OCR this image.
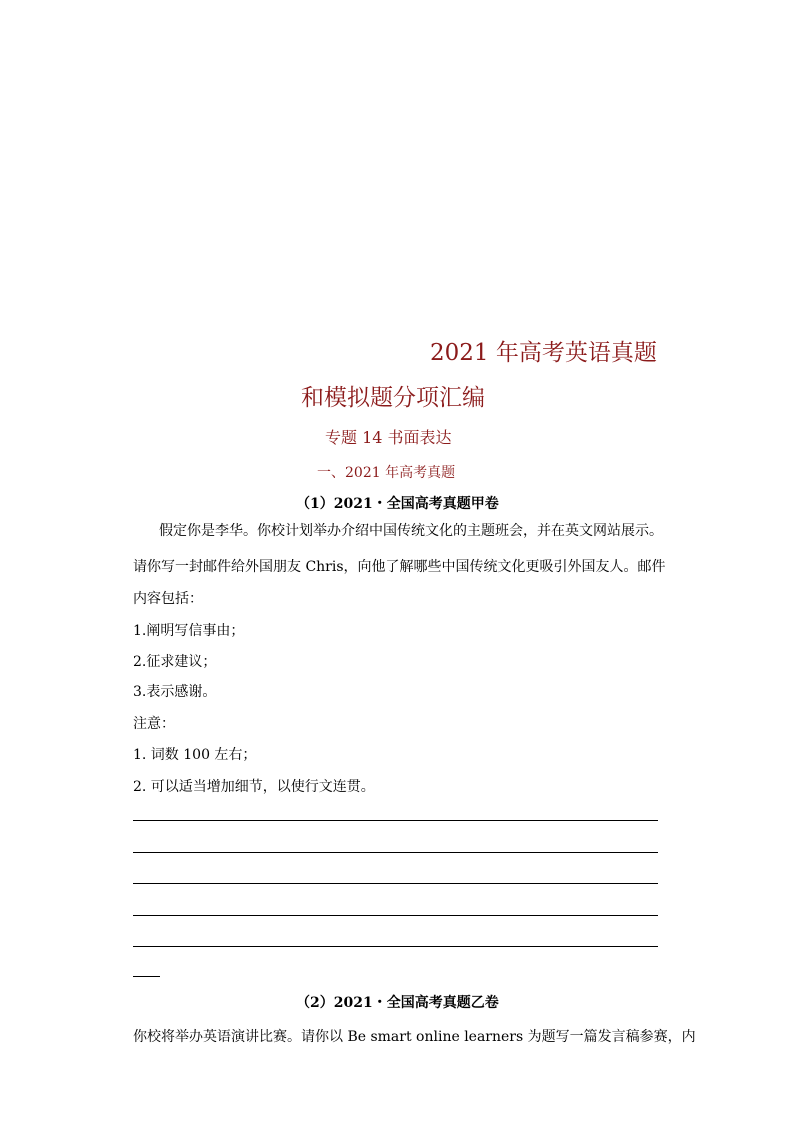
2021 年高考英语真题
和模拟题分项汇编
专题 14 书面表达
一、2021 年高考真题
（1）2021・全国高考真题甲卷
假定你是李华。你校计划举办介绍中国传统文化的主题班会，并在英文网站展示。
请你写一封邮件给外国朋友 Chris，向他了解哪些中国传统文化更吸引外国友人。邮件
内容包括：
1.阐明写信事由；
2.征求建议；
3.表示感谢。
注意：
1. 词数 100 左右；
2. 可以适当增加细节，以使行文连贯。
（2）2021・全国高考真题乙卷
你校将举办英语演讲比赛。请你以 Be smart online learners 为题写一篇发言稿参赛，内
